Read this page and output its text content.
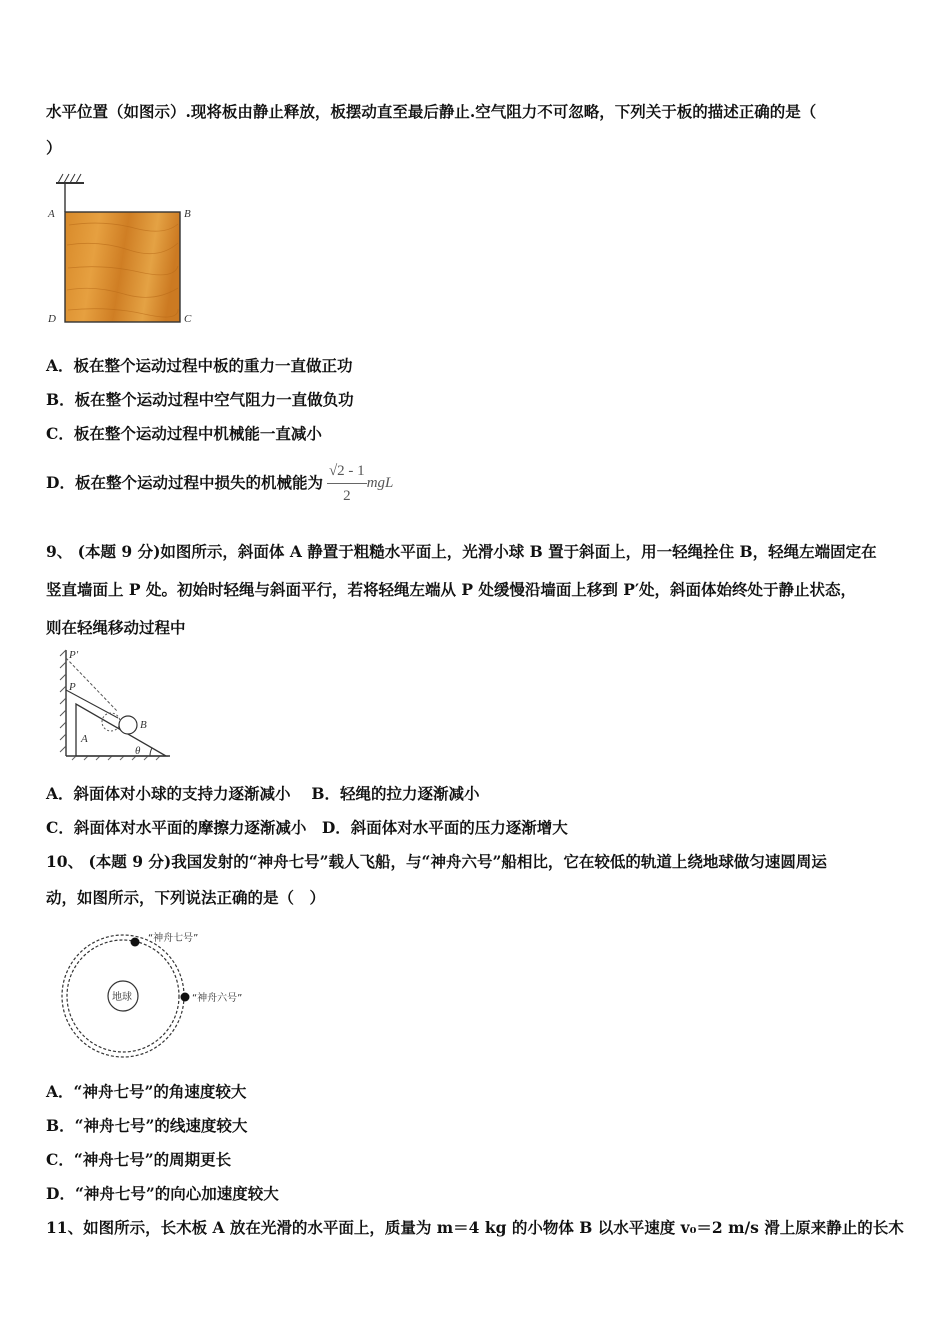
水平位置（如图示）.现将板由静止释放，板摆动直至最后静止.空气阻力不可忽略，下列关于板的描述正确的是（
）
A	B
C
D
A．板在整个运动过程中板的重力一直做正功
B．板在整个运动过程中空气阻力一直做负功
C．板在整个运动过程中机械能一直减小
D．板在整个运动过程中损失的机械能为 $\frac{√2 - 1}{2}$ mgL
9、 (本题 9 分)如图所示，斜面体 A 静置于粗糙水平面上，光滑小球 B 置于斜面上，用一轻绳拴住 B，轻绳左端固定在
竖直墙面上 P 处。初始时轻绳与斜面平行，若将轻绳左端从 P 处缓慢沿墙面上移到 P′处，斜面体始终处于静止状态，
则在轻绳移动过程中
P′
P
B
A
θ
A．斜面体对小球的支持力逐渐减小　 B．轻绳的拉力逐渐减小
C．斜面体对水平面的摩擦力逐渐减小　D．斜面体对水平面的压力逐渐增大
10、 (本题 9 分)我国发射的“神舟七号”载人飞船，与“神舟六号”船相比，它在较低的轨道上绕地球做匀速圆周运
动，如图所示，下列说法正确的是（　）
地球
“神舟七号”
“神舟六号”
A．“神舟七号”的角速度较大
B．“神舟七号”的线速度较大
C．“神舟七号”的周期更长
D．“神舟七号”的向心加速度较大
11、如图所示，长木板 A 放在光滑的水平面上，质量为 m＝4 kg 的小物体 B 以水平速度 v₀＝2 m/s 滑上原来静止的长木
